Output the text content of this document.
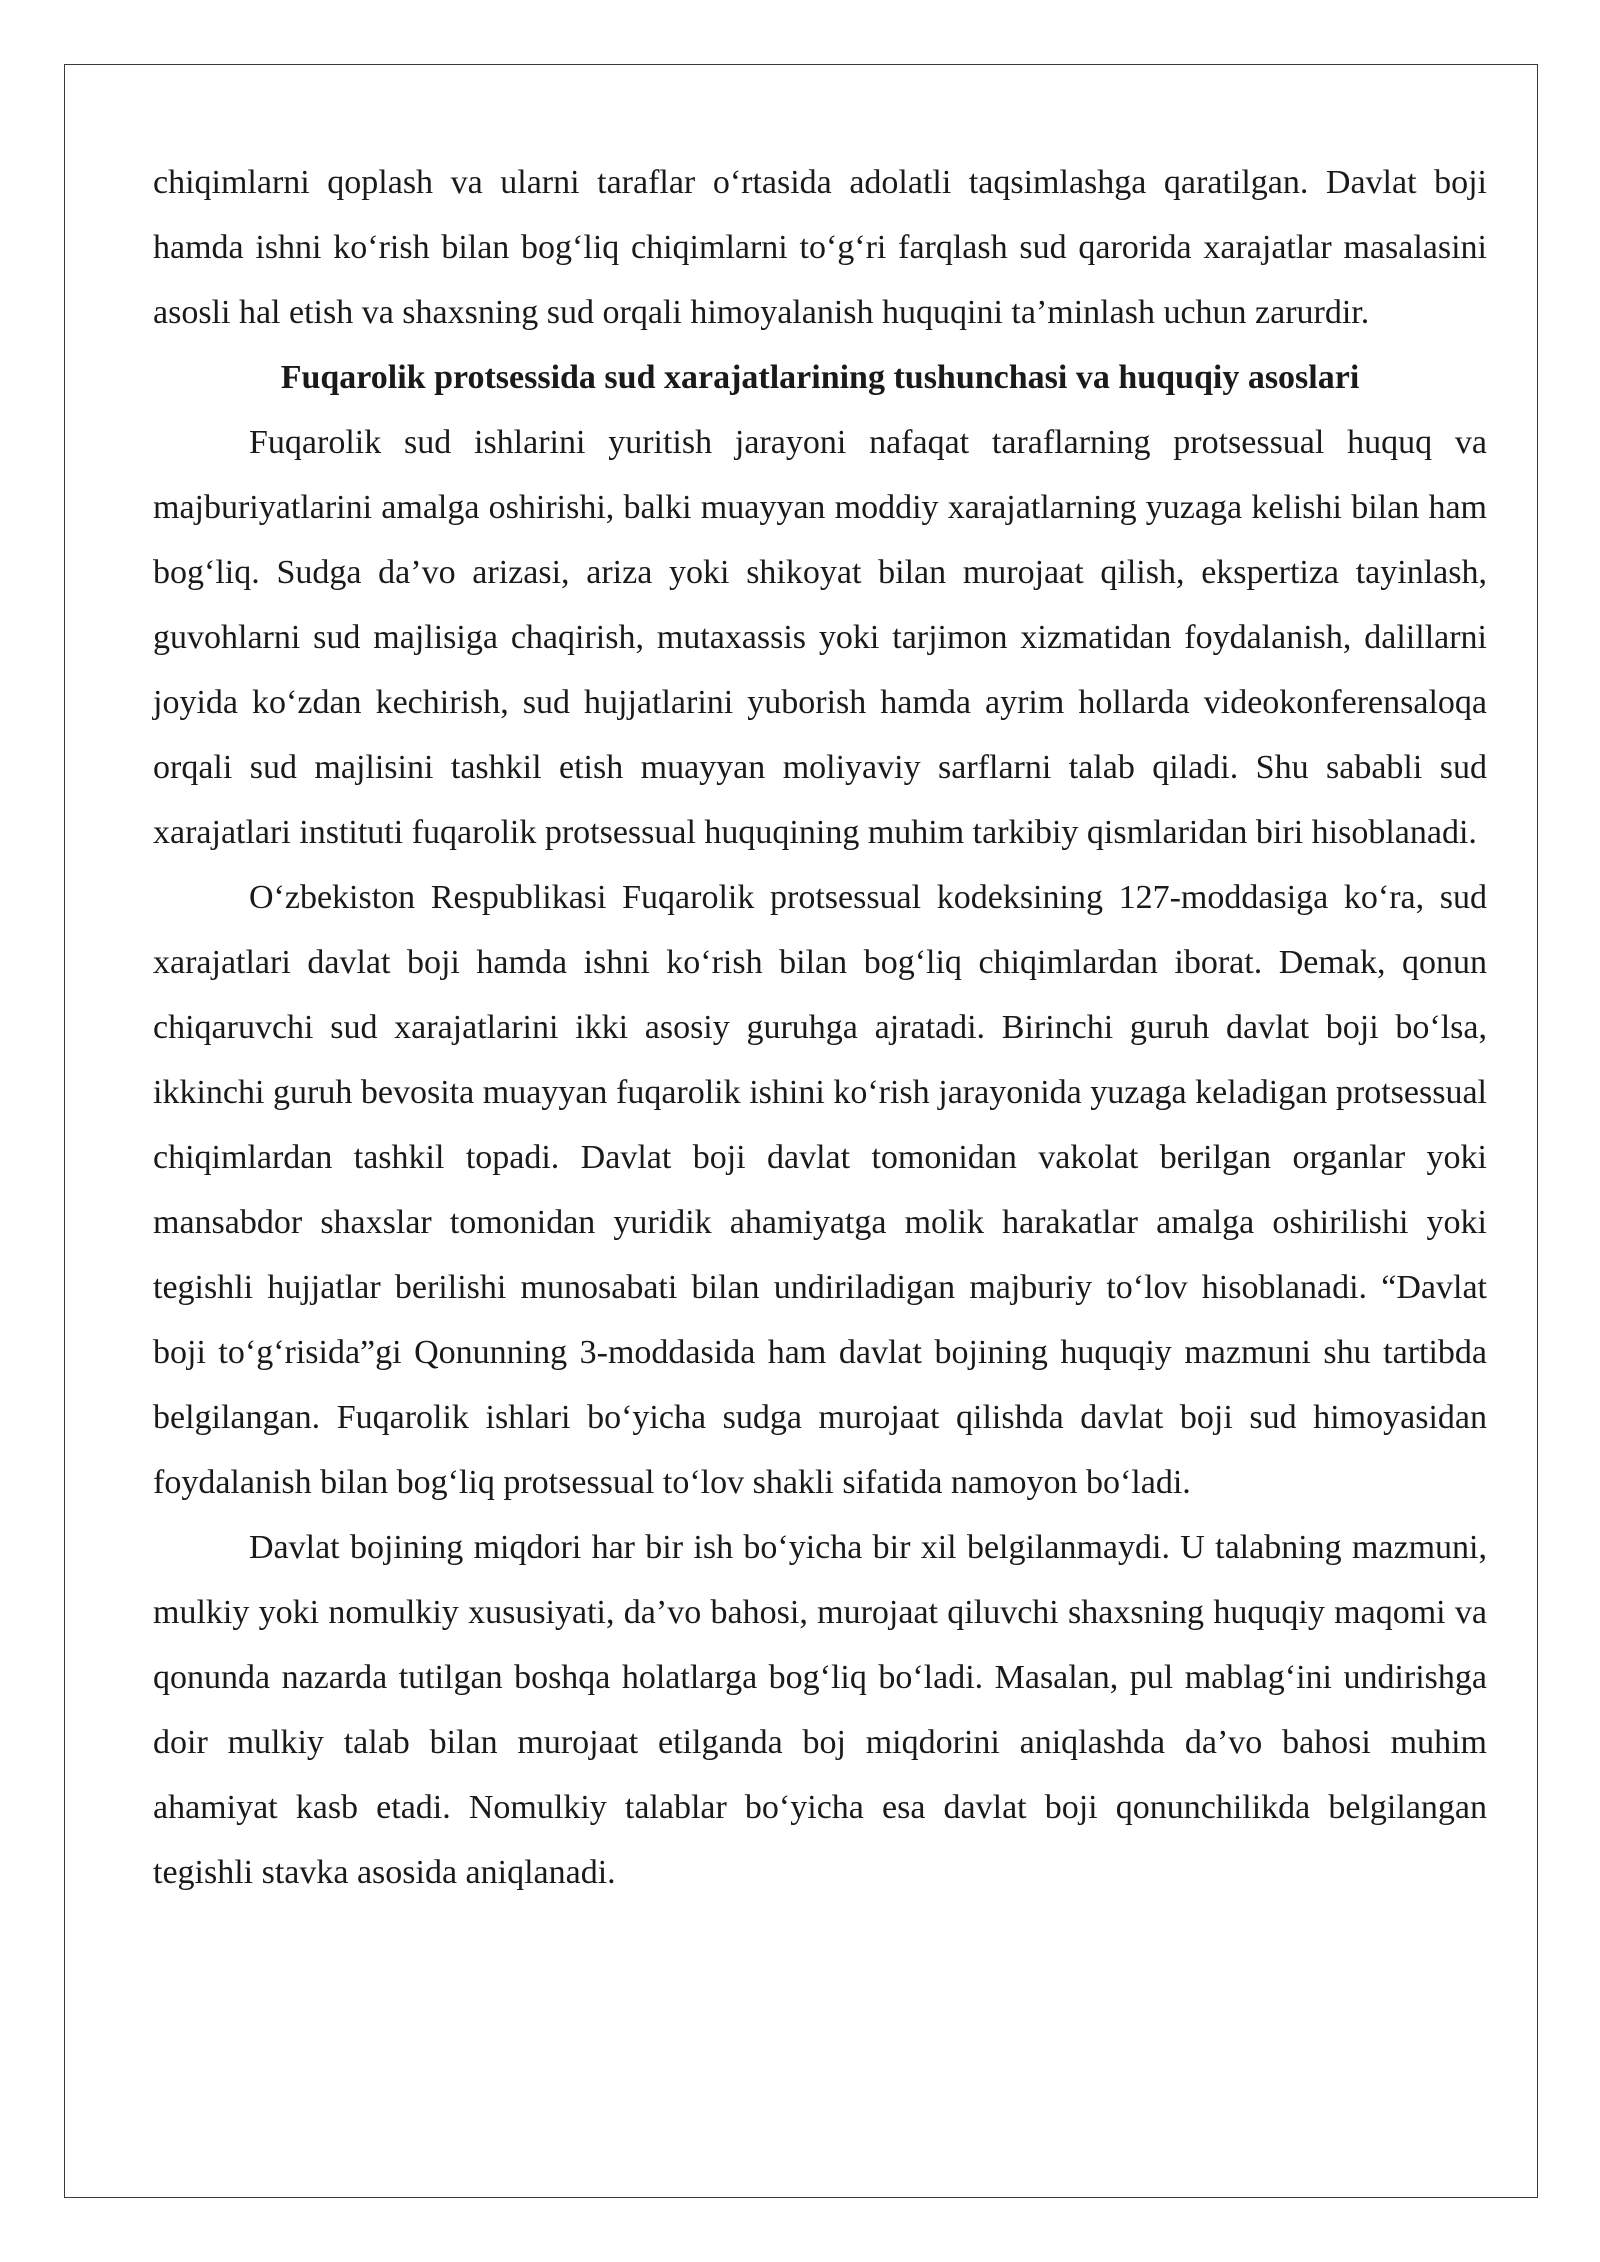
chiqimlarni qoplash va ularni taraflar o‘rtasida adolatli taqsimlashga qaratilgan. Davlat boji hamda ishni ko‘rish bilan bog‘liq chiqimlarni to‘g‘ri farqlash sud qarorida xarajatlar masalasini asosli hal etish va shaxsning sud orqali himoyalanish huquqini ta’minlash uchun zarurdir.

Fuqarolik protsessida sud xarajatlarining tushunchasi va huquqiy asoslari

Fuqarolik sud ishlarini yuritish jarayoni nafaqat taraflarning protsessual huquq va majburiyatlarini amalga oshirishi, balki muayyan moddiy xarajatlarning yuzaga kelishi bilan ham bog‘liq. Sudga da’vo arizasi, ariza yoki shikoyat bilan murojaat qilish, ekspertiza tayinlash, guvohlarni sud majlisiga chaqirish, mutaxassis yoki tarjimon xizmatidan foydalanish, dalillarni joyida ko‘zdan kechirish, sud hujjatlarini yuborish hamda ayrim hollarda videokonferensaloqa orqali sud majlisini tashkil etish muayyan moliyaviy sarflarni talab qiladi. Shu sababli sud xarajatlari instituti fuqarolik protsessual huquqining muhim tarkibiy qismlaridan biri hisoblanadi.

O‘zbekiston Respublikasi Fuqarolik protsessual kodeksining 127-moddasiga ko‘ra, sud xarajatlari davlat boji hamda ishni ko‘rish bilan bog‘liq chiqimlardan iborat. Demak, qonun chiqaruvchi sud xarajatlarini ikki asosiy guruhga ajratadi. Birinchi guruh davlat boji bo‘lsa, ikkinchi guruh bevosita muayyan fuqarolik ishini ko‘rish jarayonida yuzaga keladigan protsessual chiqimlardan tashkil topadi. Davlat boji davlat tomonidan vakolat berilgan organlar yoki mansabdor shaxslar tomonidan yuridik ahamiyatga molik harakatlar amalga oshirilishi yoki tegishli hujjatlar berilishi munosabati bilan undiriladigan majburiy to‘lov hisoblanadi. “Davlat boji to‘g‘risida”gi Qonunning 3-moddasida ham davlat bojining huquqiy mazmuni shu tartibda belgilangan. Fuqarolik ishlari bo‘yicha sudga murojaat qilishda davlat boji sud himoyasidan foydalanish bilan bog‘liq protsessual to‘lov shakli sifatida namoyon bo‘ladi.

Davlat bojining miqdori har bir ish bo‘yicha bir xil belgilanmaydi. U talabning mazmuni, mulkiy yoki nomulkiy xususiyati, da’vo bahosi, murojaat qiluvchi shaxsning huquqiy maqomi va qonunda nazarda tutilgan boshqa holatlarga bog‘liq bo‘ladi. Masalan, pul mablag‘ini undirishga doir mulkiy talab bilan murojaat etilganda boj miqdorini aniqlashda da’vo bahosi muhim ahamiyat kasb etadi. Nomulkiy talablar bo‘yicha esa davlat boji qonunchilikda belgilangan tegishli stavka asosida aniqlanadi.
